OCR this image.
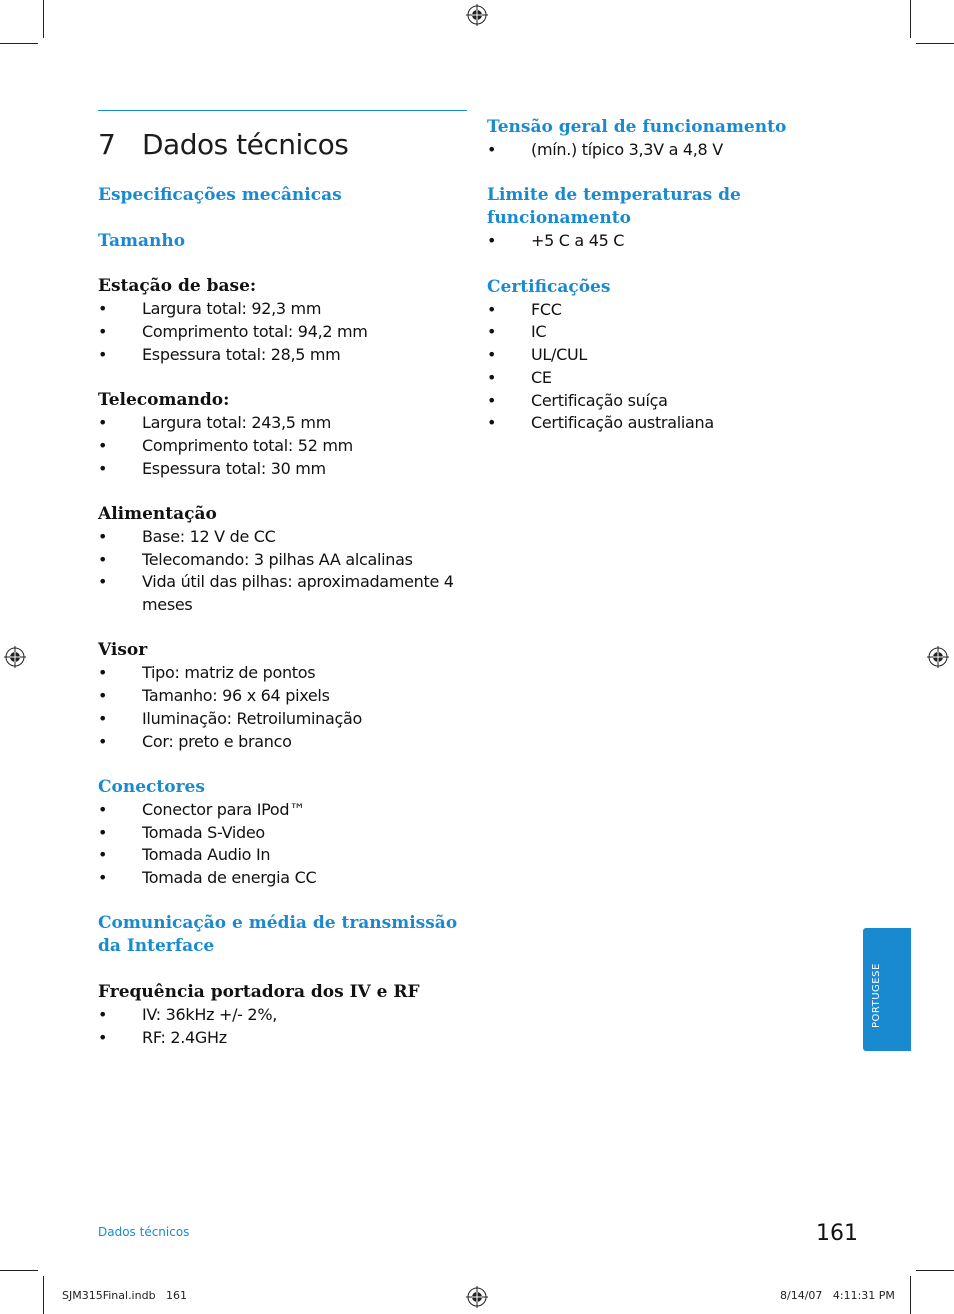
7 Dados técnicos
Especificações mecânicas
Tamanho
Estação de base:
• Largura total: 92,3 mm
• Comprimento total: 94,2 mm
• Espessura total: 28,5 mm
Telecomando:
• Largura total: 243,5 mm
• Comprimento total: 52 mm
• Espessura total: 30 mm
Alimentação
• Base: 12 V de CC
• Telecomando: 3 pilhas AA alcalinas
• Vida útil das pilhas: aproximadamente 4 meses
Visor
• Tipo: matriz de pontos
• Tamanho: 96 x 64 pixels
• Iluminação: Retroiluminação
• Cor: preto e branco
Conectores
• Conector para IPod™
• Tomada S-Video
• Tomada Audio In
• Tomada de energia CC
Comunicação e média de transmissão da Interface
Frequência portadora dos IV e RF
• IV: 36kHz +/- 2%,
• RF: 2.4GHz
Tensão geral de funcionamento
• (mín.) típico 3,3V a 4,8 V
Limite de temperaturas de funcionamento
• +5 C a 45 C
Certificações
• FCC
• IC
• UL/CUL
• CE
• Certificação suíça
• Certificação australiana
PORTUGESE
Dados técnicos	161
SJM315Final.indb   161	8/14/07   4:11:31 PM
